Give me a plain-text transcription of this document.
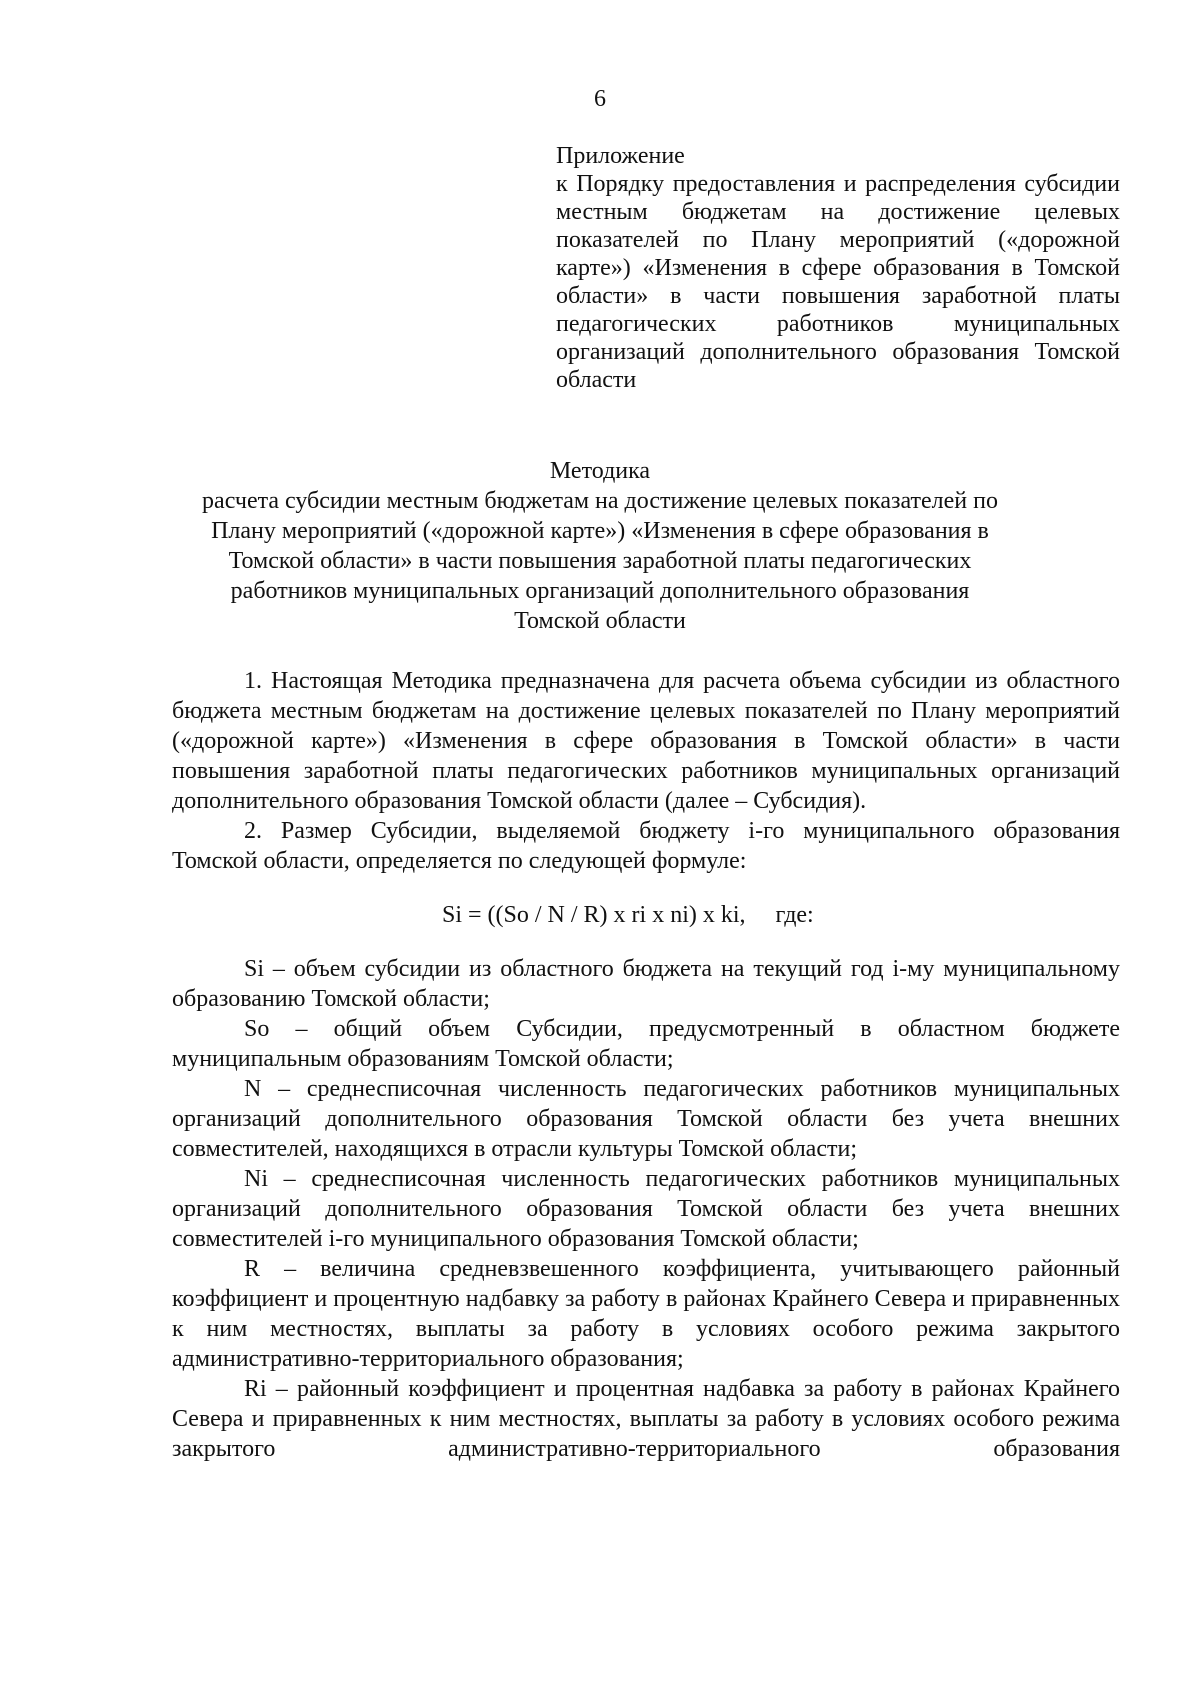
6
Приложение
к Порядку предоставления и распределения субсидии местным бюджетам на достижение целевых показателей по Плану мероприятий («дорожной карте») «Изменения в сфере образования в Томской области» в части повышения заработной платы педагогических работников муниципальных организаций дополнительного образования Томской области
Методика
расчета субсидии местным бюджетам на достижение целевых показателей по Плану мероприятий («дорожной карте») «Изменения в сфере образования в Томской области» в части повышения заработной платы педагогических работников муниципальных организаций дополнительного образования Томской области

1. Настоящая Методика предназначена для расчета объема субсидии из областного бюджета местным бюджетам на достижение целевых показателей по Плану мероприятий («дорожной карте») «Изменения в сфере образования в Томской области» в части повышения заработной платы педагогических работников муниципальных организаций дополнительного образования Томской области (далее – Субсидия).

2. Размер Субсидии, выделяемой бюджету i-го муниципального образования Томской области, определяется по следующей формуле:

Si = ((So / N / R) x ri x ni) x ki, где:

Si – объем субсидии из областного бюджета на текущий год i-му муниципальному образованию Томской области;

So – общий объем Субсидии, предусмотренный в областном бюджете муниципальным образованиям Томской области;

N – среднесписочная численность педагогических работников муниципальных организаций дополнительного образования Томской области без учета внешних совместителей, находящихся в отрасли культуры Томской области;

Ni – среднесписочная численность педагогических работников муниципальных организаций дополнительного образования Томской области без учета внешних совместителей i-го муниципального образования Томской области;

R – величина средневзвешенного коэффициента, учитывающего районный коэффициент и процентную надбавку за работу в районах Крайнего Севера и приравненных к ним местностях, выплаты за работу в условиях особого режима закрытого административно-территориального образования;

Ri – районный коэффициент и процентная надбавка за работу в районах Крайнего Севера и приравненных к ним местностях, выплаты за работу в условиях особого режима закрытого административно-территориального образования
